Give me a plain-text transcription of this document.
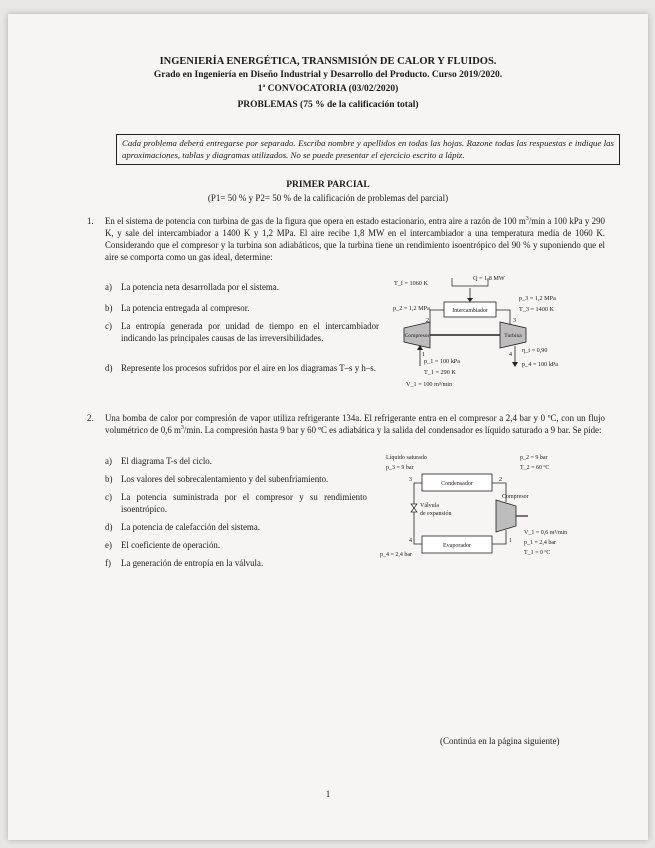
INGENIERÍA ENERGÉTICA, TRANSMISIÓN DE CALOR Y FLUIDOS.
Grado en Ingeniería en Diseño Industrial y Desarrollo del Producto. Curso 2019/2020.
1ª CONVOCATORIA (03/02/2020)
PROBLEMAS (75 % de la calificación total)
Cada problema deberá entregarse por separado. Escriba nombre y apellidos en todas las hojas. Razone todas las respuestas e indique las aproximaciones, tablas y diagramas utilizados. No se puede presentar el ejercicio escrito a lápiz.
PRIMER PARCIAL
(P1= 50 % y P2= 50 % de la calificación de problemas del parcial)
1. En el sistema de potencia con turbina de gas de la figura que opera en estado estacionario, entra aire a razón de 100 $m^3/\min$ a 100 kPa y 290 K, y sale del intercambiador a 1400 K y 1,2 MPa. El aire recibe 1,8 MW en el intercambiador a una temperatura media de 1060 K. Considerando que el compresor y la turbina son adiabáticos, que la turbina tiene un rendimiento isoentrópico del 90 % y suponiendo que el aire se comporta como un gas ideal, determine:
a) La potencia neta desarrollada por el sistema.
b) La potencia entregada al compresor.
c) La entropía generada por unidad de tiempo en el intercambiador indicando las principales causas de las irreversibilidades.
d) Represente los procesos sufridos por el aire en los diagramas T–s y h–s.
Intercambiador
T_f = 1060 K
Q = 1,8 MW
Compresor	Turbina
2	3
1	4
p_2 = 1,2 MPa
p_3 = 1,2 MPa
T_3 = 1400 K
η_t = 0,90
p_4 = 100 kPa
p_1 = 100 kPa
T_1 = 290 K
V_1 = 100 m³/min
2. Una bomba de calor por compresión de vapor utiliza refrigerante 134a. El refrigerante entra en el compresor a 2,4 bar y 0 ºC, con un flujo volumétrico de 0,6 $m^3/\min$. La compresión hasta 9 bar y 60 ºC es adiabática y la salida del condensador es líquido saturado a 9 bar. Se pide:
a) El diagrama T-s del ciclo.
b) Los valores del sobrecalentamiento y del subenfriamiento.
c) La potencia suministrada por el compresor y su rendimiento isoentrópico.
d) La potencia de calefacción del sistema.
e) El coeficiente de operación.
f) La generación de entropía en la válvula.
Líquido saturado
p_3 = 9 bar
Condensador
Evaporador
Válvula
de expansión
Compresor
3	2
4	1
p_2 = 9 bar
T_2 = 60 ºC
V_1 = 0,6 m³/min
p_1 = 2,4 bar
T_1 = 0 ºC
p_4 = 2,4 bar
(Continúa en la página siguiente)
1
